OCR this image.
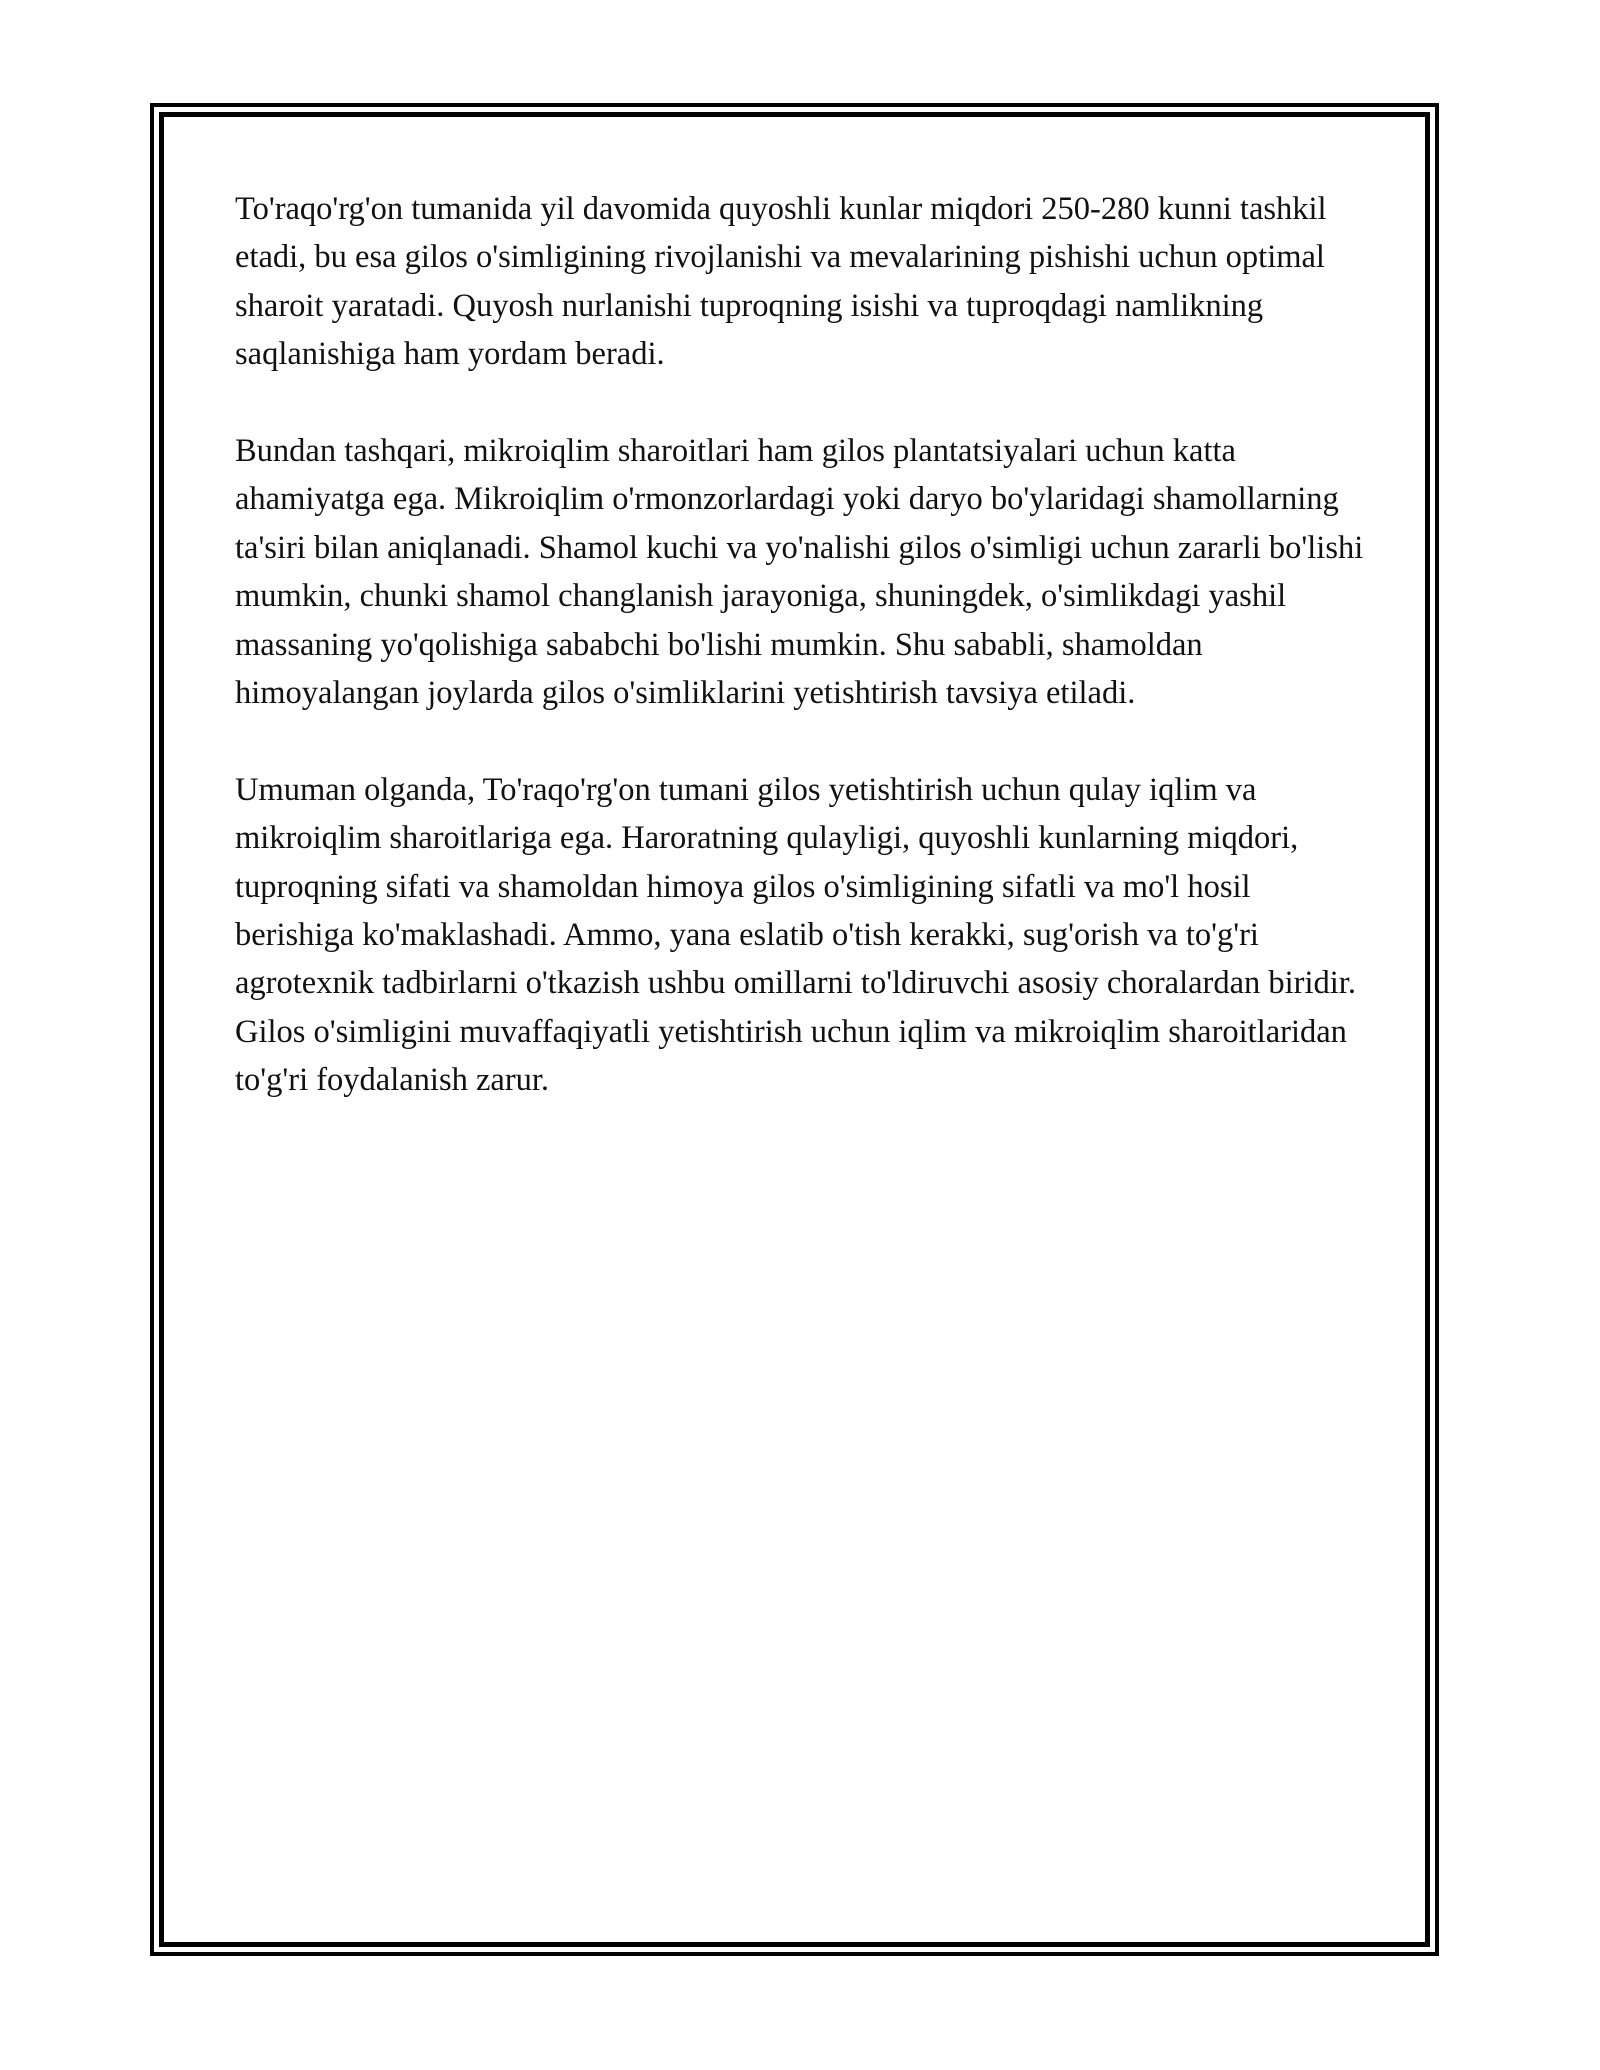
To'raqo'rg'on tumanida yil davomida quyoshli kunlar miqdori 250-280 kunni tashkil etadi, bu esa gilos o'simligining rivojlanishi va mevalarining pishishi uchun optimal sharoit yaratadi. Quyosh nurlanishi tuproqning isishi va tuproqdagi namlikning saqlanishiga ham yordam beradi.

Bundan tashqari, mikroiqlim sharoitlari ham gilos plantatsiyalari uchun katta ahamiyatga ega. Mikroiqlim o'rmonzorlardagi yoki daryo bo'ylaridagi shamollarning ta'siri bilan aniqlanadi. Shamol kuchi va yo'nalishi gilos o'simligi uchun zararli bo'lishi mumkin, chunki shamol changlanish jarayoniga, shuningdek, o'simlikdagi yashil massaning yo'qolishiga sababchi bo'lishi mumkin. Shu sababli, shamoldan himoyalangan joylarda gilos o'simliklarini yetishtirish tavsiya etiladi.

Umuman olganda, To'raqo'rg'on tumani gilos yetishtirish uchun qulay iqlim va mikroiqlim sharoitlariga ega. Haroratning qulayligi, quyoshli kunlarning miqdori, tuproqning sifati va shamoldan himoya gilos o'simligining sifatli va mo'l hosil berishiga ko'maklashadi. Ammo, yana eslatib o'tish kerakki, sug'orish va to'g'ri agrotexnik tadbirlarni o'tkazish ushbu omillarni to'ldiruvchi asosiy choralardan biridir. Gilos o'simligini muvaffaqiyatli yetishtirish uchun iqlim va mikroiqlim sharoitlaridan to'g'ri foydalanish zarur.
